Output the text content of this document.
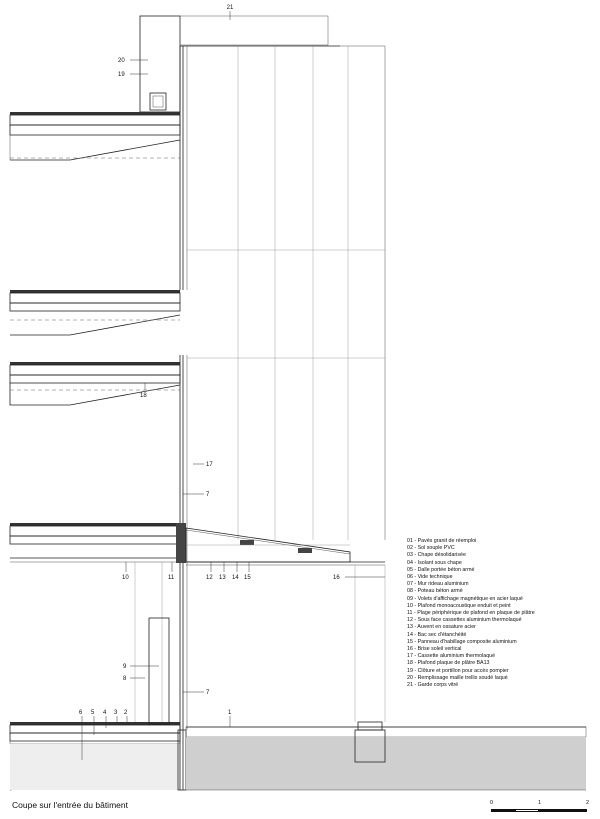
21
20
19
18
17
7
10	11	12 13 14 15	16
9
8
7
6 5 4 3 2	1
01 - Pavés granit de réemploi
02 - Sol souple PVC
03 - Chape désolidarisée
04 - Isolant sous chape
05 - Dalle portée béton armé
06 - Vide technique
07 - Mur rideau aluminium
08 - Poteau béton armé
09 - Volets d'affichage magnétique en acier laqué
10 - Plafond monoacoustique enduit et peint
11 - Plage périphérique de plafond en plaque de plâtre
12 - Sous face cassettes aluminium thermolaqué
13 - Auvent en ossature acier
14 - Bac sec d'étanchéité
15 - Panneau d'habillage composite aluminium
16 - Brise soleil vertical
17 - Cassette aluminium thermolaqué
18 - Plafond plaque de plâtre BA13
19 - Clôture et portillon pour accès pompier
20 - Remplissage maille trellis soudé laqué
21 - Garde corps vitré
Coupe sur l'entrée du bâtiment	0	1	2
